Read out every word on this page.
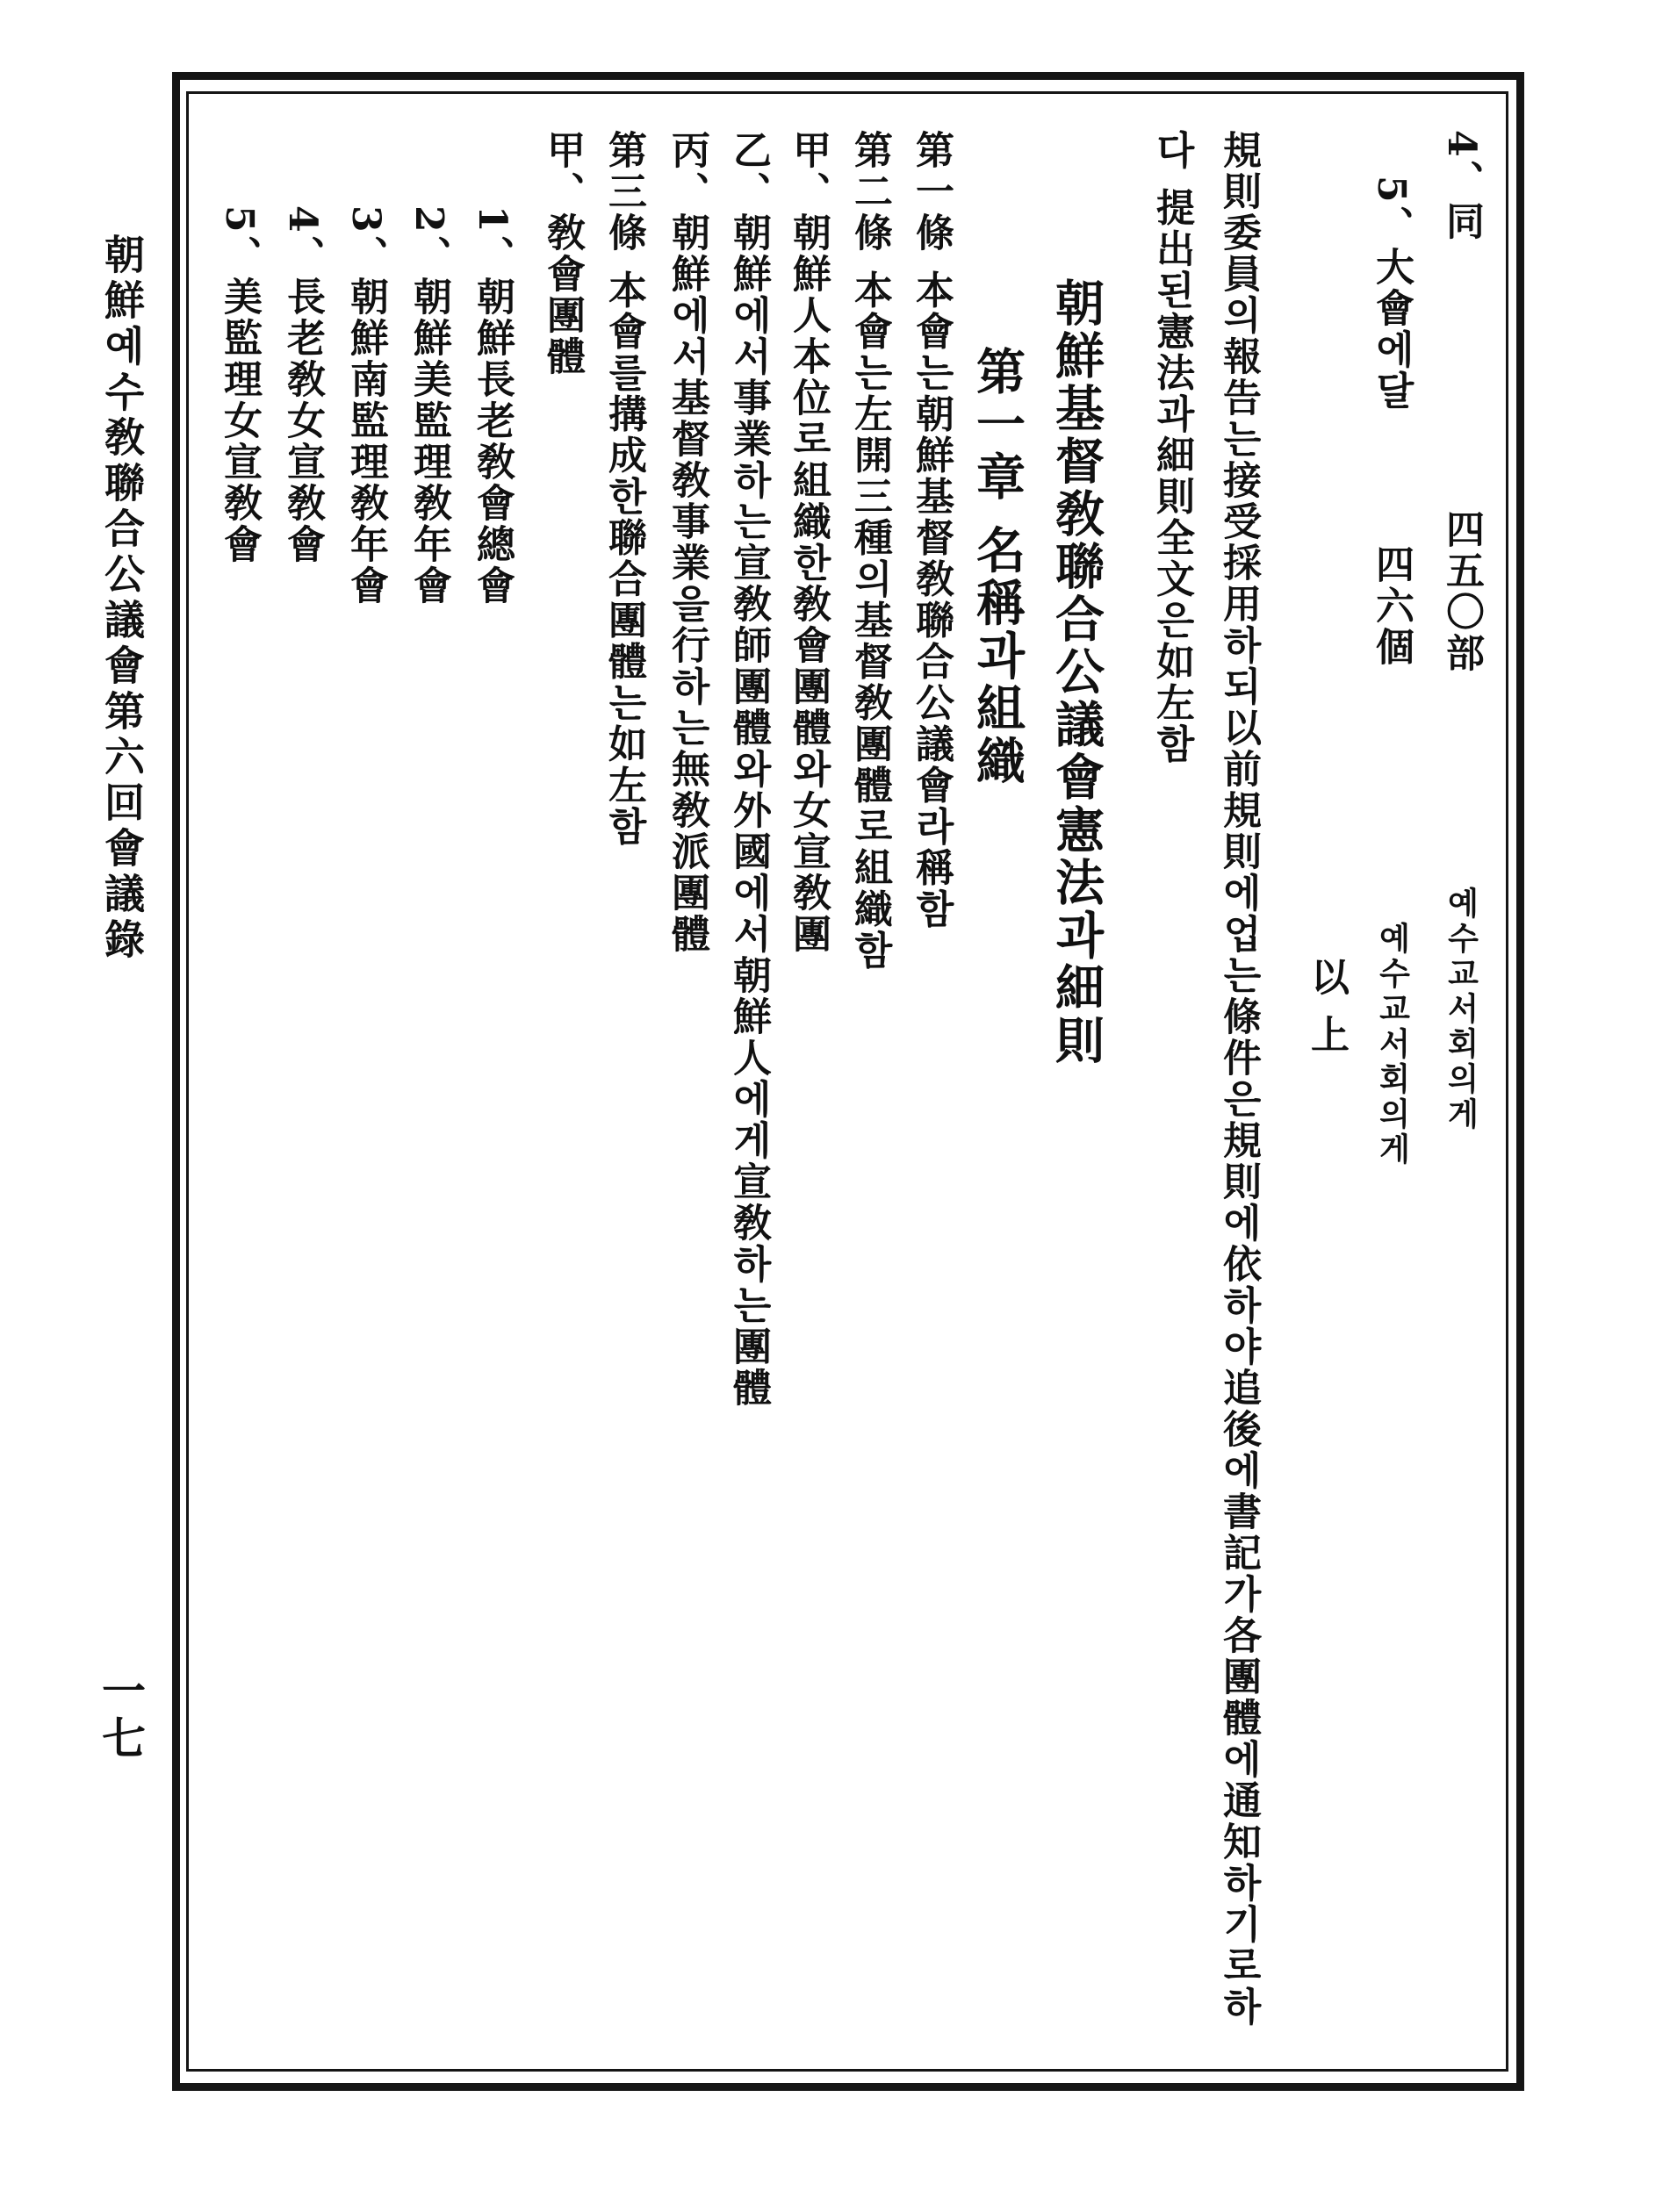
4、同
四五〇部
예수교서회의게
5、大會에달
四六個
예수교서회의게
以 上
規則委員의報告는接受採用하되以前規則에업는條件은規則에依하야追後에書記가各團體에通知하기로하
다 提出된憲法과細則全文은如左함
朝鮮基督敎聯合公議會憲法과細則
第一章 名稱과組織
第一條 本會는朝鮮基督敎聯合公議會라稱함
第二條 本會는左開三種의基督敎團體로組織함
甲、朝鮮人本位로組織한敎會團體와女宣敎團
乙、朝鮮에서事業하는宣敎師團體와外國에서朝鮮人에게宣敎하는團體
丙、朝鮮에서基督敎事業을行하는無敎派團體
第三條 本會를搆成한聯合團體는如左함
甲、敎會團體
1、朝鮮長老敎會總會
2、朝鮮美監理敎年會
3、朝鮮南監理敎年會
4、長老敎女宣敎會
5、美監理女宣敎會
朝鮮예수敎聯合公議會第六回會議錄
一七
